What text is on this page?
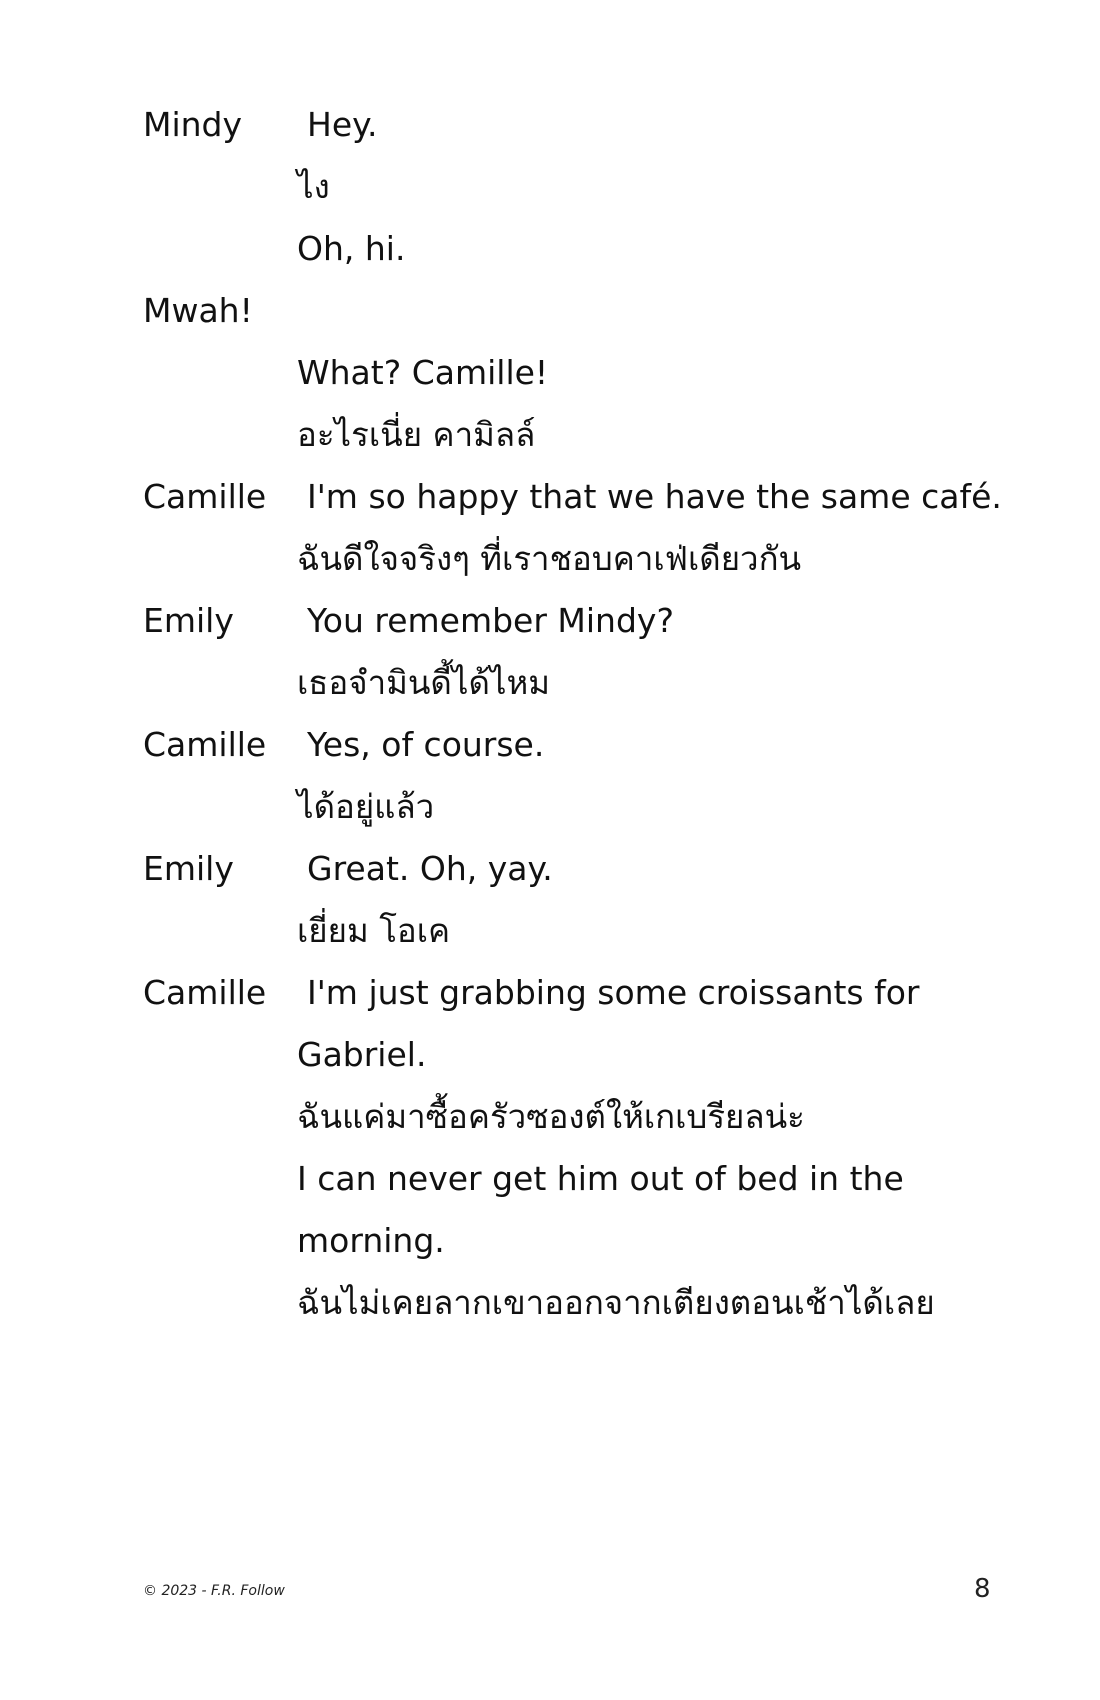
Mindy Hey.
ไง
Oh, hi.
Mwah!
What? Camille!
อะไรเนี่ย คามิลล์
Camille I'm so happy that we have the same café.
ฉันดีใจจริงๆ ที่เราชอบคาเฟ่เดียวกัน
Emily You remember Mindy?
เธอจำมินดี้ได้ไหม
Camille Yes, of course.
ได้อยู่แล้ว
Emily Great. Oh, yay.
เยี่ยม โอเค
Camille I'm just grabbing some croissants for
Gabriel.
ฉันแค่มาซื้อครัวซองต์ให้เกเบรียลน่ะ
I can never get him out of bed in the
morning.
ฉันไม่เคยลากเขาออกจากเตียงตอนเช้าได้เลย
© 2023 - F.R. Follow	8
